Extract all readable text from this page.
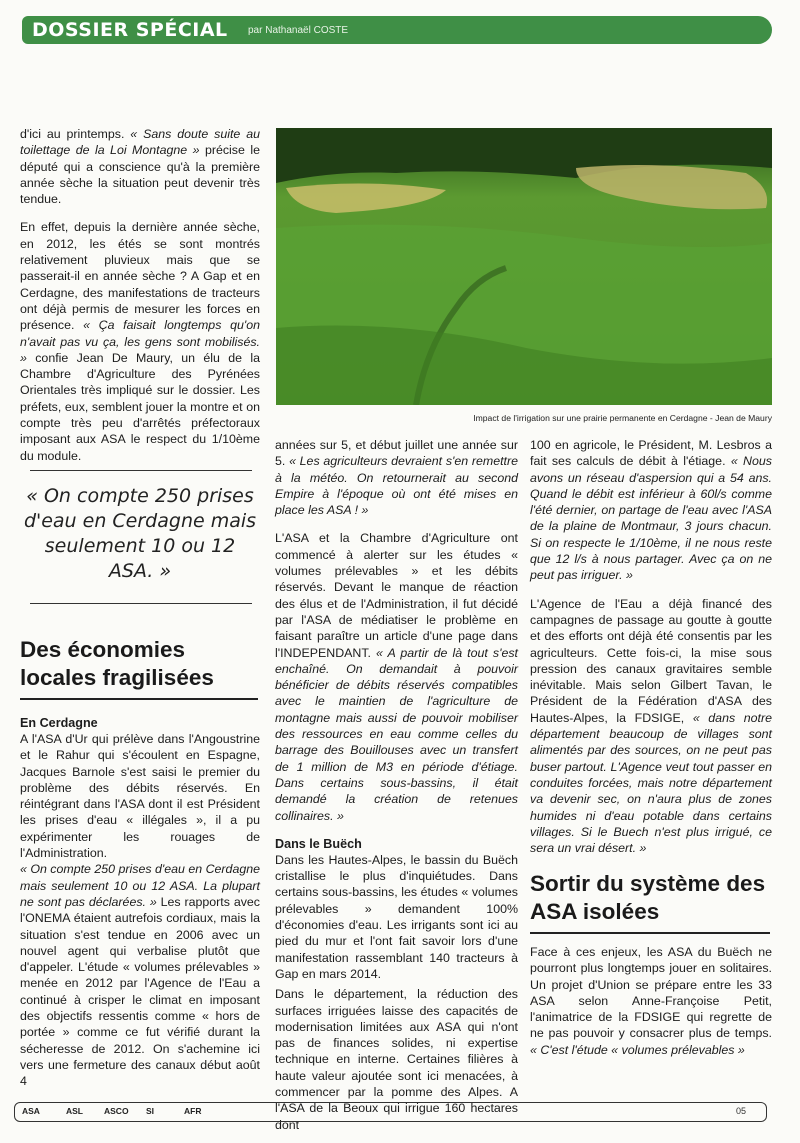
DOSSIER SPÉCIAL par Nathanaël COSTE

d'ici au printemps. « Sans doute suite au toilettage de la Loi Montagne » précise le député qui a conscience qu'à la première année sèche la situation peut devenir très tendue.

En effet, depuis la dernière année sèche, en 2012, les étés se sont montrés relativement pluvieux mais que se passerait-il en année sèche ? A Gap et en Cerdagne, des manifestations de tracteurs ont déjà permis de mesurer les forces en présence. « Ça faisait longtemps qu'on n'avait pas vu ça, les gens sont mobilisés. » confie Jean De Maury, un élu de la Chambre d'Agriculture des Pyrénées Orientales très impliqué sur le dossier. Les préfets, eux, semblent jouer la montre et on compte très peu d'arrêtés préfectoraux imposant aux ASA le respect du 1/10ème du module.

« On compte 250 prises d'eau en Cerdagne mais seulement 10 ou 12 ASA. »
Des économies locales fragilisées
En Cerdagne

A l'ASA d'Ur qui prélève dans l'Angoustrine et le Rahur qui s'écoulent en Espagne, Jacques Barnole s'est saisi le premier du problème des débits réservés. En réintégrant dans l'ASA dont il est Président les prises d'eau « illégales », il a pu expérimenter les rouages de l'Administration.

« On compte 250 prises d'eau en Cerdagne mais seulement 10 ou 12 ASA. La plupart ne sont pas déclarées. » Les rapports avec l'ONEMA étaient autrefois cordiaux, mais la situation s'est tendue en 2006 avec un nouvel agent qui verbalise plutôt que d'appeler. L'étude « volumes prélevables » menée en 2012 par l'Agence de l'Eau a continué à crisper le climat en imposant des objectifs ressentis comme « hors de portée » comme ce fut vérifié durant la sécheresse de 2012. On s'achemine ici vers une fermeture des canaux début août 4

Impact de l'irrigation sur une prairie permanente en Cerdagne - Jean de Maury

années sur 5, et début juillet une année sur 5. « Les agriculteurs devraient s'en remettre à la météo. On retournerait au second Empire à l'époque où ont été mises en place les ASA ! »

L'ASA et la Chambre d'Agriculture ont commencé à alerter sur les études « volumes prélevables » et les débits réservés. Devant le manque de réaction des élus et de l'Administration, il fut décidé par l'ASA de médiatiser le problème en faisant paraître un article d'une page dans l'INDEPENDANT. « A partir de là tout s'est enchaîné. On demandait à pouvoir bénéficier de débits réservés compatibles avec le maintien de l'agriculture de montagne mais aussi de pouvoir mobiliser des ressources en eau comme celles du barrage des Bouillouses avec un transfert de 1 million de M3 en période d'étiage. Dans certains sous-bassins, il était demandé la création de retenues collinaires. »

Dans le Buëch

Dans les Hautes-Alpes, le bassin du Buëch cristallise le plus d'inquiétudes. Dans certains sous-bassins, les études « volumes prélevables » demandent 100% d'économies d'eau. Les irrigants sont ici au pied du mur et l'ont fait savoir lors d'une manifestation rassemblant 140 tracteurs à Gap en mars 2014.

Dans le département, la réduction des surfaces irriguées laisse des capacités de modernisation limitées aux ASA qui n'ont pas de finances solides, ni expertise technique en interne. Certaines filières à haute valeur ajoutée sont ici menacées, à commencer par la pomme des Alpes. A l'ASA de la Beoux qui irrigue 160 hectares dont

100 en agricole, le Président, M. Lesbros a fait ses calculs de débit à l'étiage. « Nous avons un réseau d'aspersion qui a 54 ans. Quand le débit est inférieur à 60l/s comme l'été dernier, on partage de l'eau avec l'ASA de la plaine de Montmaur, 3 jours chacun. Si on respecte le 1/10ème, il ne nous reste que 12 l/s à nous partager. Avec ça on ne peut pas irriguer. »

L'Agence de l'Eau a déjà financé des campagnes de passage au goutte à goutte et des efforts ont déjà été consentis par les agriculteurs. Cette fois-ci, la mise sous pression des canaux gravitaires semble inévitable. Mais selon Gilbert Tavan, le Président de la Fédération d'ASA des Hautes-Alpes, la FDSIGE, « dans notre département beaucoup de villages sont alimentés par des sources, on ne peut pas buser partout. L'Agence veut tout passer en conduites forcées, mais notre département va devenir sec, on n'aura plus de zones humides ni d'eau potable dans certains villages. Si le Buech n'est plus irrigué, ce sera un vrai désert. »

Sortir du système des ASA isolées

Face à ces enjeux, les ASA du Buëch ne pourront plus longtemps jouer en solitaires. Un projet d'Union se prépare entre les 33 ASA selon Anne-Françoise Petit, l'animatrice de la FDSIGE qui regrette de ne pas pouvoir y consacrer plus de temps. « C'est l'étude « volumes prélevables »

ASA	ASL ASCO SI	AFR	05
